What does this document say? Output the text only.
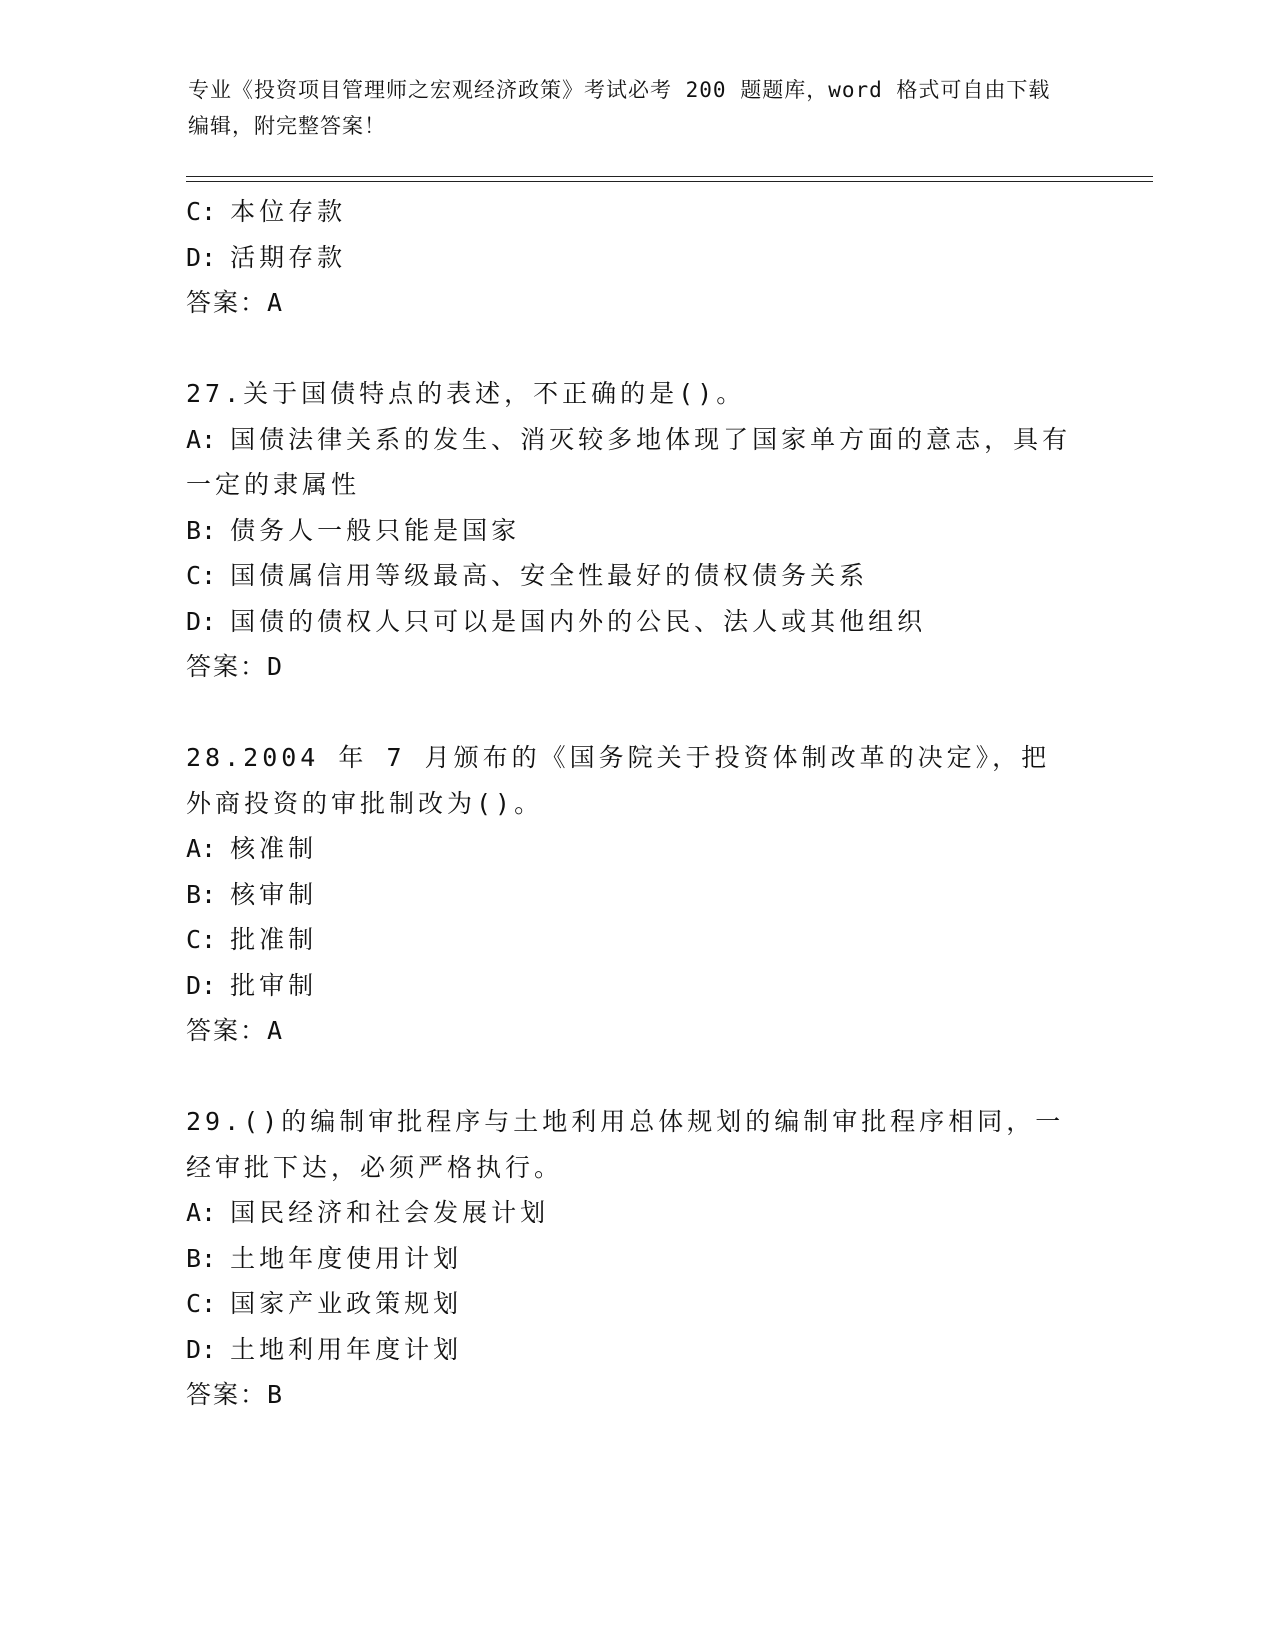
专业《投资项目管理师之宏观经济政策》考试必考 200 题题库，word 格式可自由下载编辑，附完整答案！
C: 本位存款
D: 活期存款
答案：A
27.关于国债特点的表述，不正确的是()。
A: 国债法律关系的发生、消灭较多地体现了国家单方面的意志，具有一定的隶属性
B: 债务人一般只能是国家
C: 国债属信用等级最高、安全性最好的债权债务关系
D: 国债的债权人只可以是国内外的公民、法人或其他组织
答案：D
28.2004 年 7 月颁布的《国务院关于投资体制改革的决定》，把外商投资的审批制改为()。
A: 核准制
B: 核审制
C: 批准制
D: 批审制
答案：A
29.()的编制审批程序与土地利用总体规划的编制审批程序相同，一经审批下达，必须严格执行。
A: 国民经济和社会发展计划
B: 土地年度使用计划
C: 国家产业政策规划
D: 土地利用年度计划
答案：B
